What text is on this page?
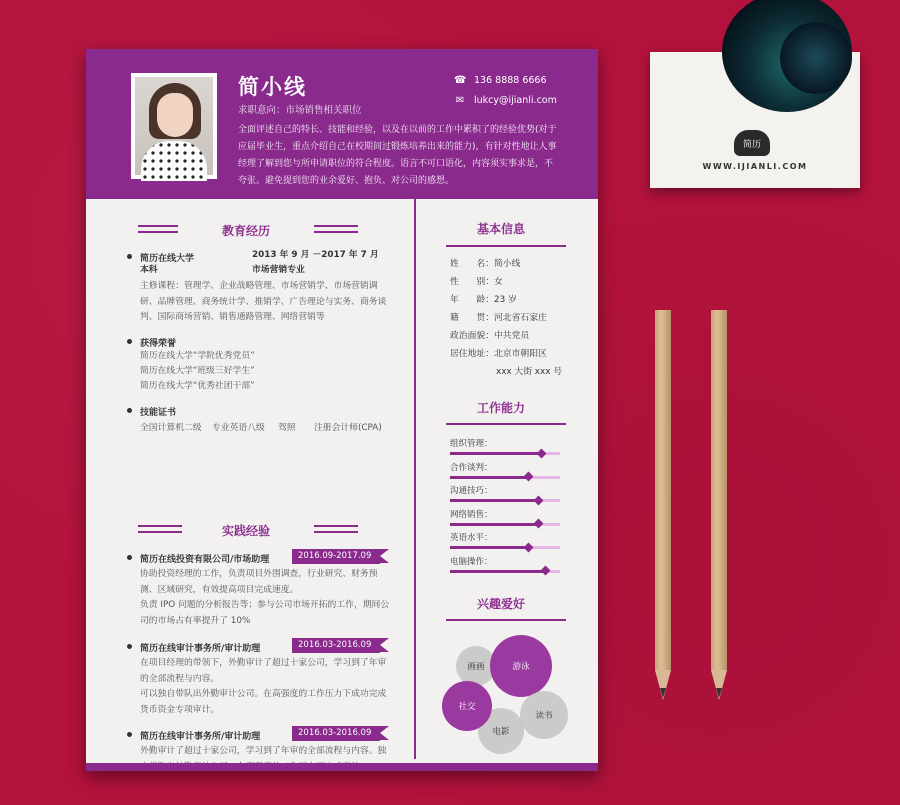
简小线
求职意向：市场销售相关职位
全面评述自己的特长、技能和经验，以及在以前的工作中累积了的经验优势(对于应届毕业生，重点介绍自己在校期间过锻炼培养出来的能力)，有针对性地让人事经理了解到您与所申请职位的符合程度。语言不可口语化，内容须实事求是，不夸张。避免提到您的业余爱好、抱负、对公司的感想。
☎ 136 8888 6666
✉ lukcy@ijianli.com
教育经历
简历在线大学	2013 年 9 月 －2017 年 7 月
本科	市场营销专业
主修课程：管理学、企业战略管理、市场营销学、市场营销调研、品牌管理、商务统计学、推销学、广告理论与实务、商务谈判、国际商场营销、销售通路管理、网络营销等
获得荣誉
简历在线大学“学院优秀党员”
简历在线大学“班级三好学生”
简历在线大学“优秀社团干部”
技能证书
全国计算机二级 专业英语八级 驾照 注册会计师(CPA)
实践经验
简历在线投资有限公司/市场助理	2016.09-2017.09
协助投资经理的工作，负责项目外围调查，行业研究、财务预测、区域研究，有效提高项目完成速度。
负责 IPO 问题的分析报告等；参与公司市场开拓的工作，期间公司的市场占有率提升了 10%
简历在线审计事务所/审计助理	2016.03-2016.09
在项目经理的带领下，外勤审计了超过十家公司，学习到了年审的全部流程与内容。
可以独自带队出外勤审计公司。在高强度的工作压力下成功完成货币资金专项审计。
简历在线审计事务所/审计助理	2016.03-2016.09
外勤审计了超过十家公司，学习到了年审的全部流程与内容。独
基本信息
姓　　名：简小线
性　　别：女
年　　龄：23 岁
籍　　贯：河北省石家庄
政治面貌：中共党员
居住地址：北京市朝阳区
xxx 大街 xxx 号
工作能力
组织管理：
合作谈判：
沟通技巧：
网络销售：
英语水平：
电脑操作：
兴趣爱好
画画	游泳
电影
读书
社交
简历
WWW.IJIANLI.COM
